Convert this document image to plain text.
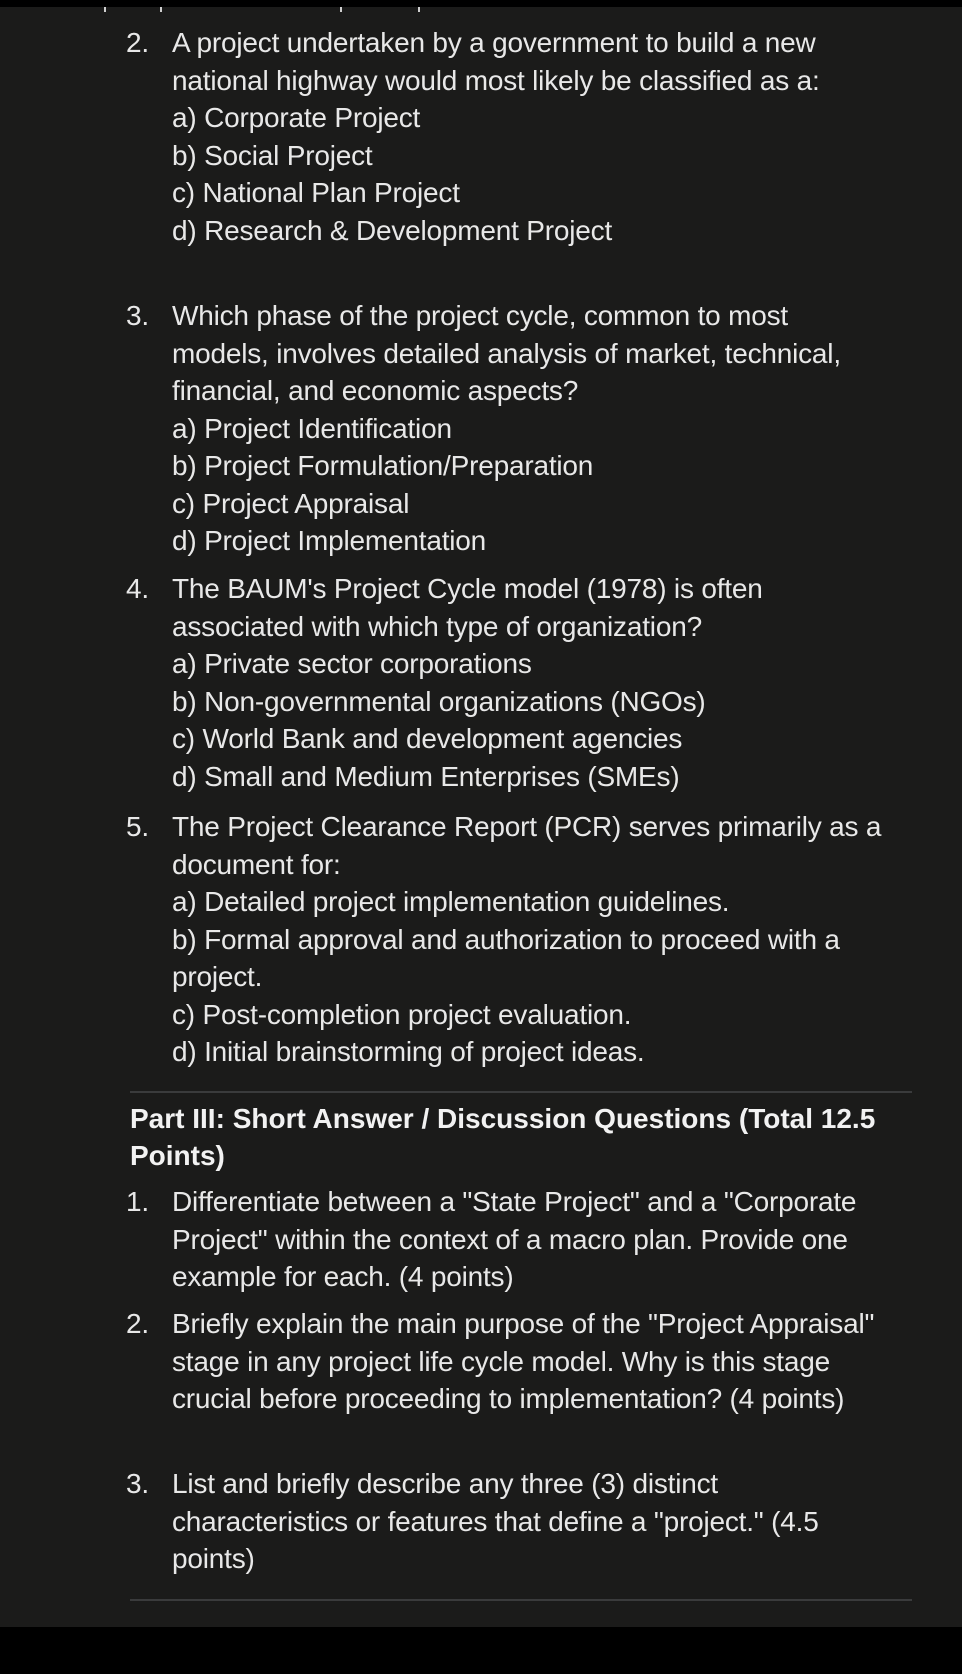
2. A project undertaken by a government to build a new national highway would most likely be classified as a:
a) Corporate Project
b) Social Project
c) National Plan Project
d) Research & Development Project
3. Which phase of the project cycle, common to most models, involves detailed analysis of market, technical, financial, and economic aspects?
a) Project Identification
b) Project Formulation/Preparation
c) Project Appraisal
d) Project Implementation
4. The BAUM's Project Cycle model (1978) is often associated with which type of organization?
a) Private sector corporations
b) Non-governmental organizations (NGOs)
c) World Bank and development agencies
d) Small and Medium Enterprises (SMEs)
5. The Project Clearance Report (PCR) serves primarily as a document for:
a) Detailed project implementation guidelines.
b) Formal approval and authorization to proceed with a project.
c) Post-completion project evaluation.
d) Initial brainstorming of project ideas.
Part III: Short Answer / Discussion Questions (Total 12.5 Points)
1. Differentiate between a "State Project" and a "Corporate Project" within the context of a macro plan. Provide one example for each. (4 points)
2. Briefly explain the main purpose of the "Project Appraisal" stage in any project life cycle model. Why is this stage crucial before proceeding to implementation? (4 points)
3. List and briefly describe any three (3) distinct characteristics or features that define a "project." (4.5 points)
